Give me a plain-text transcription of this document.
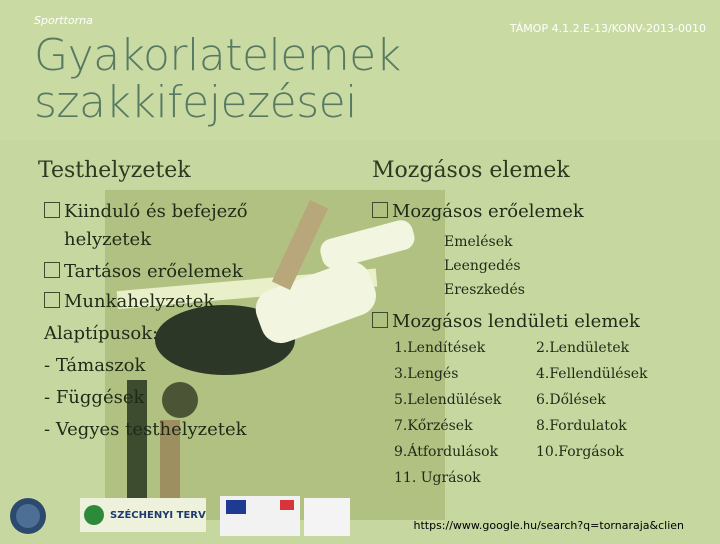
Sporttorna
TÁMOP 4.1.2.E-13/KONV-2013-0010
Gyakorlatelemek
szakkifejezései
Testhelyzetek	Mozgásos elemek
Kiinduló és befejező
helyzetek
Tartásos erőelemek
Munkahelyzetek
Alaptípusok:
- Támaszok
- Függések
- Vegyes testhelyzetek
Mozgásos erőelemek
Emelések
Leengedés
Ereszkedés
Mozgásos lendületi elemek
1.Lendítések	2.Lendületek
3.Lengés	4.Fellendülések
5.Lelendülések 6.Dőlések
7.Kőrzések	8.Fordulatok
9.Átfordulások	10.Forgások
11. Ugrások
SZÉCHENYI TERV
https://www.google.hu/search?q=tornaraja&clien
